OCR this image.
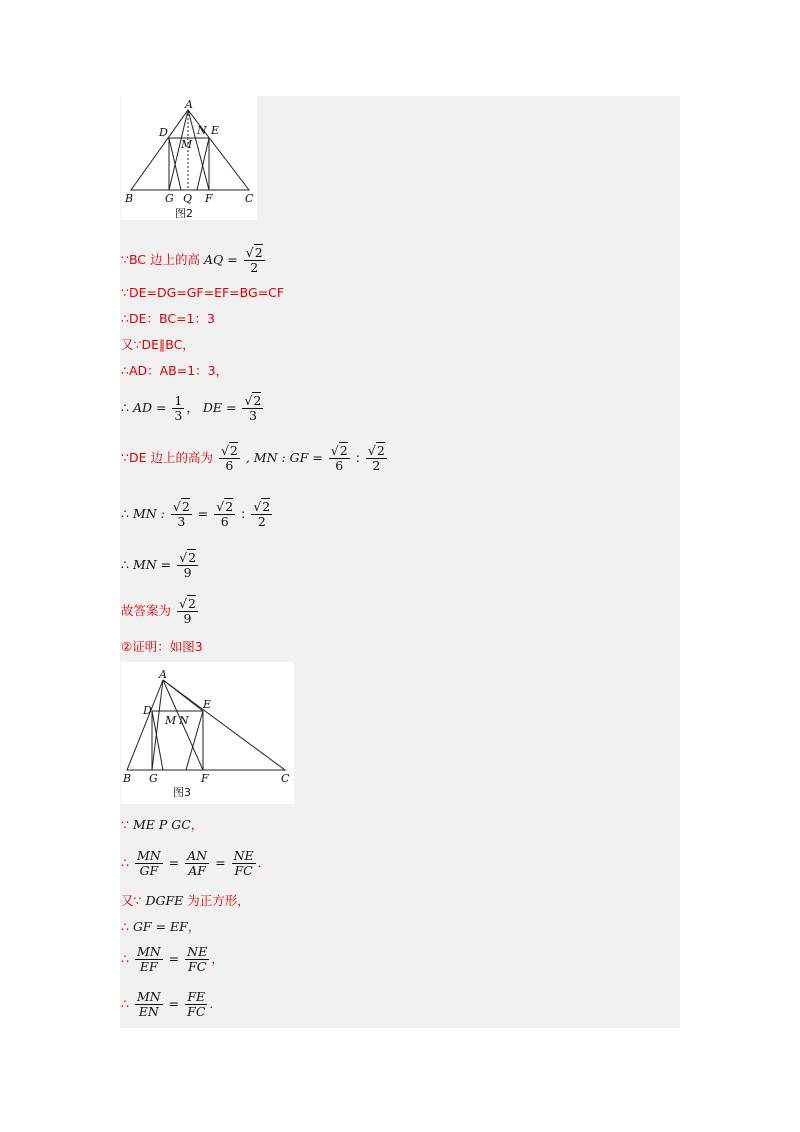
A
D	E
M
N
B	G Q F	C
图2
∵BC 边上的高 AQ = $\frac{√2}{2}$
∵DE=DG=GF=EF=BG=CF
∴DE：BC=1：3
又∵DE∥BC，
∴AD：AB=1：3，
∴ AD = $\frac{1}{3}$ ， DE = $\frac{√2}{3}$
∵DE 边上的高为 $\frac{√2}{6}$ , MN : GF = $\frac{√2}{6}$ : $\frac{√2}{2}$
∴ MN : $\frac{√2}{3} = \frac{√2}{6}$ : $\frac{√2}{2}$
∴ MN = $\frac{√2}{9}$
故答案为 $\frac{√2}{9}$
②证明：如图3
A
D	E
M N
B G	F	C
图3
∵ ME P GC，
∴ $\frac{MN}{GF} = \frac{AN}{AF} = \frac{NE}{FC}$ ．
又∵ DGFE 为正方形，
∴ GF = EF，
∴ $\frac{MN}{EF} = \frac{NE}{FC}$ ，
∴ $\frac{MN}{EN} = \frac{FE}{FC}$ ．
